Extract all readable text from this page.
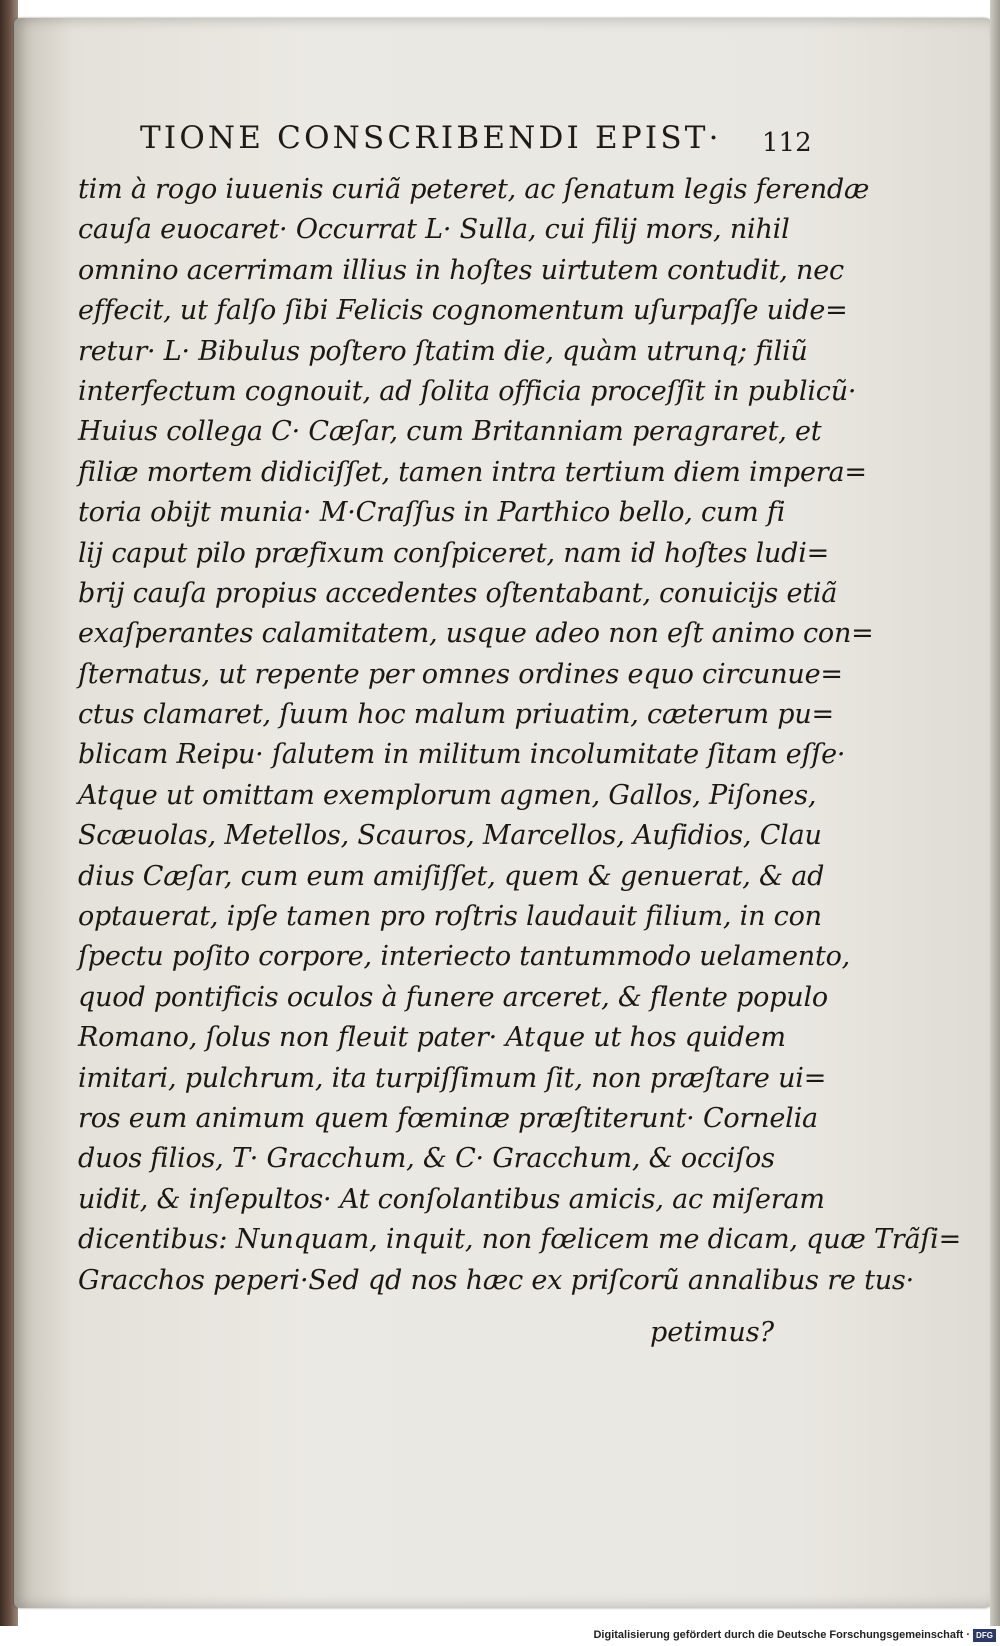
TIONE CONSCRIBENDI EPIST·	112
tim à rogo iuuenis curiã peteret, ac ſenatum legis ferendæ
cauſa euocaret· Occurrat L· Sulla, cui filij mors, nihil
omnino acerrimam illius in hoſtes uirtutem contudit, nec
effecit, ut falſo ſibi Felicis cognomentum uſurpaſſe uide=
retur· L· Bibulus poſtero ſtatim die, quàm utrunq; filiũ
interfectum cognouit, ad ſolita officia proceſſit in publicũ·
Huius collega C· Cæſar, cum Britanniam peragraret, et
filiæ mortem didiciſſet, tamen intra tertium diem impera=
toria obijt munia· M·Craſſus in Parthico bello, cum fi
lij caput pilo præfixum conſpiceret, nam id hoſtes ludi=
brij cauſa propius accedentes oſtentabant, conuicijs etiã
exaſperantes calamitatem, usque adeo non eſt animo con=
ſternatus, ut repente per omnes ordines equo circunue=
ctus clamaret, ſuum hoc malum priuatim, cæterum pu=
blicam Reipu· ſalutem in militum incolumitate ſitam eſſe·
Atque ut omittam exemplorum agmen, Gallos, Piſones,
Scæuolas, Metellos, Scauros, Marcellos, Aufidios, Clau
dius Cæſar, cum eum amiſiſſet, quem & genuerat, & ad
optauerat, ipſe tamen pro roſtris laudauit filium, in con
ſpectu poſito corpore, interiecto tantummodo uelamento,
quod pontificis oculos à funere arceret, & flente populo
Romano, ſolus non fleuit pater· Atque ut hos quidem
imitari, pulchrum, ita turpiſſimum ſit, non præſtare ui=
ros eum animum quem fœminæ præſtiterunt· Cornelia
duos filios, T· Gracchum, & C· Gracchum, & occiſos
uidit, & inſepultos· At conſolantibus amicis, ac miſeram
dicentibus: Nunquam, inquit, non fœlicem me dicam, quæ Trãſi=
Gracchos peperi·Sed qd nos hæc ex priſcorũ annalibus re tus·
petimus?
Digitalisierung gefördert durch die Deutsche Forschungsgemeinschaft · DFG
